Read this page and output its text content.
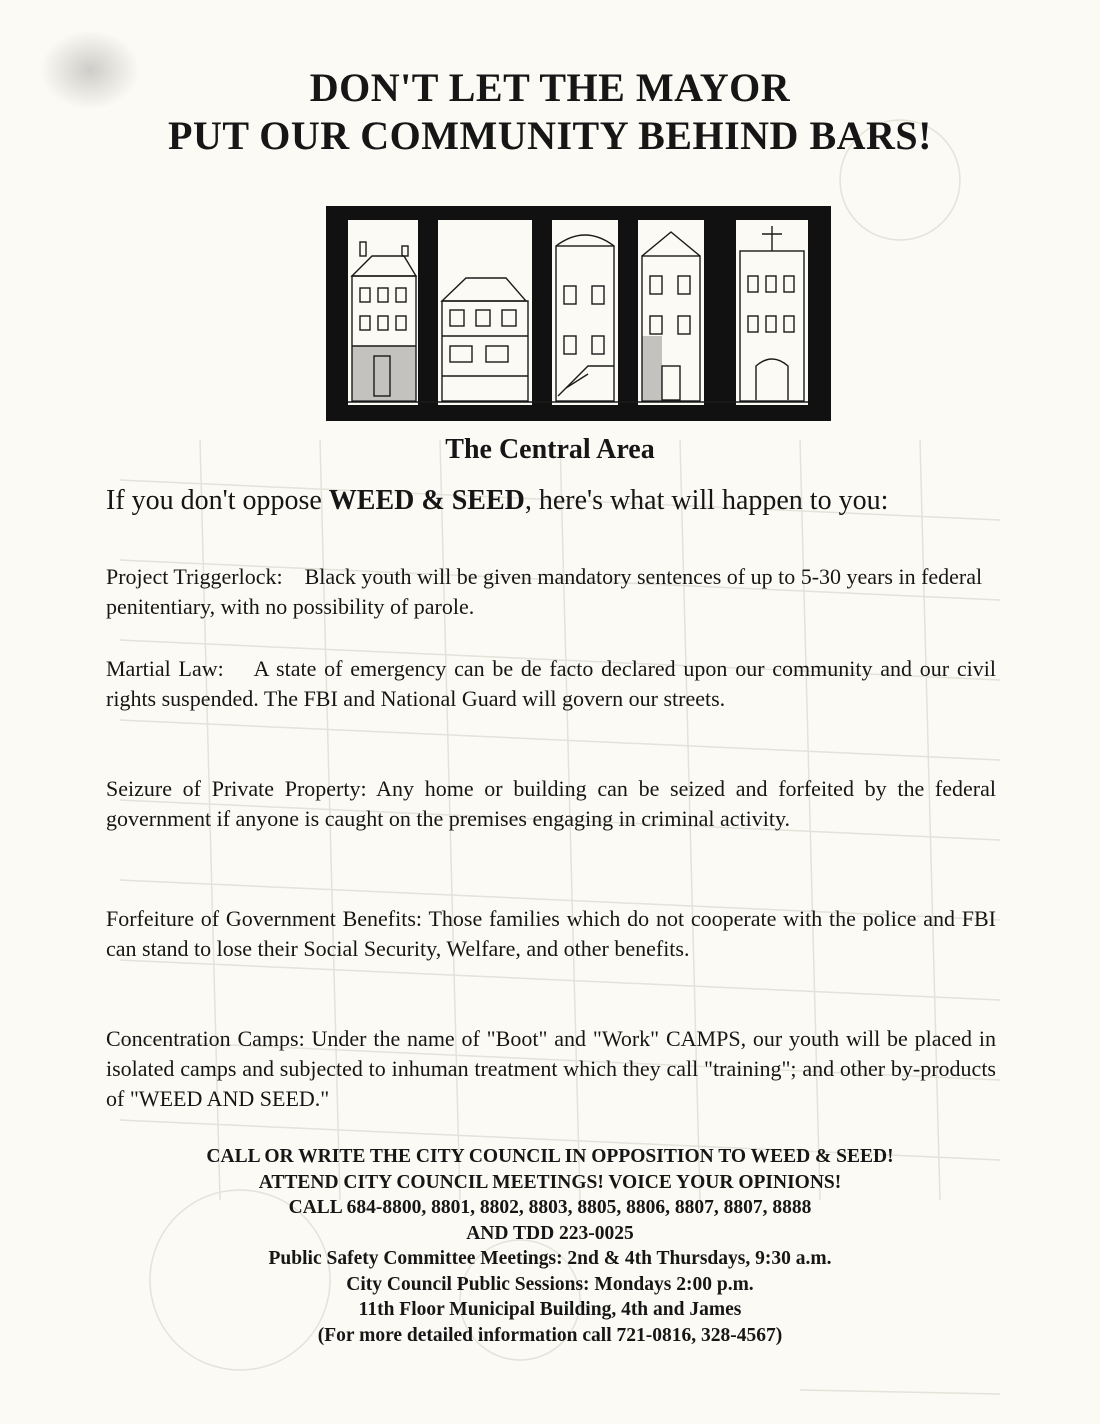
DON'T LET THE MAYOR
PUT OUR COMMUNITY BEHIND BARS!
The Central Area

If you don't oppose WEED & SEED, here's what will happen to you:

Project Triggerlock: Black youth will be given mandatory sentences of up to 5-30 years in federal penitentiary, with no possibility of parole.

Martial Law: A state of emergency can be de facto declared upon our community and our civil rights suspended. The FBI and National Guard will govern our streets.

Seizure of Private Property: Any home or building can be seized and forfeited by the federal government if anyone is caught on the premises engaging in criminal activity.

Forfeiture of Government Benefits: Those families which do not cooperate with the police and FBI can stand to lose their Social Security, Welfare, and other benefits.

Concentration Camps: Under the name of "Boot" and "Work" CAMPS, our youth will be placed in isolated camps and subjected to inhuman treatment which they call "training"; and other by-products of "WEED AND SEED."

CALL OR WRITE THE CITY COUNCIL IN OPPOSITION TO WEED & SEED!
ATTEND CITY COUNCIL MEETINGS! VOICE YOUR OPINIONS!
CALL 684-8800, 8801, 8802, 8803, 8805, 8806, 8807, 8807, 8888
AND TDD 223-0025
Public Safety Committee Meetings: 2nd & 4th Thursdays, 9:30 a.m.
City Council Public Sessions: Mondays 2:00 p.m.
11th Floor Municipal Building, 4th and James
(For more detailed information call 721-0816, 328-4567)
